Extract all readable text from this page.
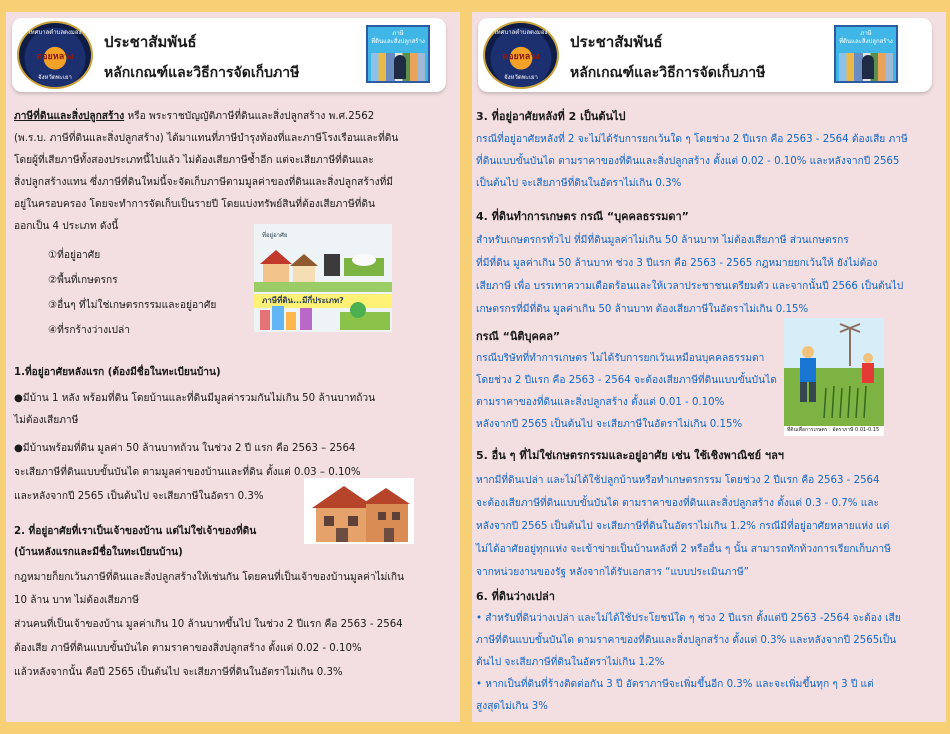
เทศบาลตำบลดงมอง
ดอยหลวง
จังหวัดพะเยา
ประชาสัมพันธ์
หลักเกณฑ์และวิธีการจัดเก็บภาษี
ภาษี
ที่ดินและสิ่งปลูกสร้าง
ภาษีที่ดินและสิ่งปลูกสร้าง หรือ พระราชบัญญัติภาษีที่ดินและสิ่งปลูกสร้าง พ.ศ.2562
(พ.ร.บ. ภาษีที่ดินและสิ่งปลูกสร้าง) ได้มาแทนที่ภาษีบำรุงท้องที่และภาษีโรงเรือนและที่ดิน
โดยผู้ที่เสียภาษีทั้งสองประเภทนี้ไปแล้ว ไม่ต้องเสียภาษีซ้ำอีก แต่จะเสียภาษีที่ดินและ
สิ่งปลูกสร้างแทน ซึ่งภาษีที่ดินใหม่นี้จะจัดเก็บภาษีตามมูลค่าของที่ดินและสิ่งปลูกสร้างที่มี
อยู่ในครอบครอง โดยจะทำการจัดเก็บเป็นรายปี โดยแบ่งทรัพย์สินที่ต้องเสียภาษีที่ดิน
ออกเป็น 4 ประเภท ดังนี้
①ที่อยู่อาศัย
②พื้นที่เกษตรกร
③อื่นๆ ที่ไม่ใช่เกษตรกรรมและอยู่อาศัย
④ที่รกร้างว่างเปล่า
ที่อยู่อาศัย
ภาษีที่ดิน...มีกี่ประเภท?
1.ที่อยู่อาศัยหลังแรก (ต้องมีชื่อในทะเบียนบ้าน)
●มีบ้าน 1 หลัง พร้อมที่ดิน โดยบ้านและที่ดินมีมูลค่ารวมกันไม่เกิน 50 ล้านบาทถ้วน
ไม่ต้องเสียภาษี
●มีบ้านพร้อมที่ดิน มูลค่า 50 ล้านบาทถ้วน ในช่วง 2 ปี แรก คือ 2563 – 2564
จะเสียภาษีที่ดินแบบขั้นบันได ตามมูลค่าของบ้านและที่ดิน ตั้งแต่ 0.03 – 0.10%
และหลังจากปี 2565 เป็นต้นไป จะเสียภาษีในอัตรา 0.3%
2. ที่อยู่อาศัยที่เราเป็นเจ้าของบ้าน แต่ไม่ใช่เจ้าของที่ดิน
(บ้านหลังแรกและมีชื่อในทะเบียนบ้าน)
กฎหมายก็ยกเว้นภาษีที่ดินและสิ่งปลูกสร้างให้เช่นกัน โดยคนที่เป็นเจ้าของบ้านมูลค่าไม่เกิน
10 ล้าน บาท ไม่ต้องเสียภาษี
ส่วนคนที่เป็นเจ้าของบ้าน มูลค่าเกิน 10 ล้านบาทขึ้นไป ในช่วง 2 ปีแรก คือ 2563 - 2564
ต้องเสีย ภาษีที่ดินแบบขั้นบันได ตามราคาของสิ่งปลูกสร้าง ตั้งแต่ 0.02 - 0.10%
แล้วหลังจากนั้น คือปี 2565 เป็นต้นไป จะเสียภาษีที่ดินในอัตราไม่เกิน 0.3%
เทศบาลตำบลดงมอง
ดอยหลวง
จังหวัดพะเยา
ประชาสัมพันธ์
หลักเกณฑ์และวิธีการจัดเก็บภาษี
ภาษี
ที่ดินและสิ่งปลูกสร้าง
3. ที่อยู่อาศัยหลังที่ 2 เป็นต้นไป
กรณีที่อยู่อาศัยหลังที่ 2 จะไม่ได้รับการยกเว้นใด ๆ โดยช่วง 2 ปีแรก คือ 2563 - 2564 ต้องเสีย ภาษี
ที่ดินแบบขั้นบันได ตามราคาของที่ดินและสิ่งปลูกสร้าง ตั้งแต่ 0.02 - 0.10% และหลังจากปี 2565
เป็นต้นไป จะเสียภาษีที่ดินในอัตราไม่เกิน 0.3%
4. ที่ดินทำการเกษตร กรณี “บุคคลธรรมดา”
สำหรับเกษตรกรทั่วไป ที่มีที่ดินมูลค่าไม่เกิน 50 ล้านบาท ไม่ต้องเสียภาษี ส่วนเกษตรกร
ที่มีที่ดิน มูลค่าเกิน 50 ล้านบาท ช่วง 3 ปีแรก คือ 2563 - 2565 กฎหมายยกเว้นให้ ยังไม่ต้อง
เสียภาษี เพื่อ บรรเทาความเดือดร้อนและให้เวลาประชาชนเตรียมตัว และจากนั้นปี 2566 เป็นต้นไป
เกษตรกรที่มีที่ดิน มูลค่าเกิน 50 ล้านบาท ต้องเสียภาษีในอัตราไม่เกิน 0.15%
กรณี “นิติบุคคล”
กรณีบริษัทที่ทำการเกษตร ไม่ได้รับการยกเว้นเหมือนบุคคลธรรมดา
โดยช่วง 2 ปีแรก คือ 2563 - 2564 จะต้องเสียภาษีที่ดินแบบขั้นบันได
ตามราคาของที่ดินและสิ่งปลูกสร้าง ตั้งแต่ 0.01 - 0.10%
หลังจากปี 2565 เป็นต้นไป จะเสียภาษีในอัตราไม่เกิน 0.15%	ที่ดินเพื่อการเกษตร : อัตราภาษี 0.01-0.15
5. อื่น ๆ ที่ไม่ใช่เกษตรกรรมและอยู่อาศัย เช่น ใช้เชิงพาณิชย์ ฯลฯ
หากมีที่ดินเปล่า และไม่ได้ใช้ปลูกบ้านหรือทำเกษตรกรรม โดยช่วง 2 ปีแรก คือ 2563 - 2564
จะต้องเสียภาษีที่ดินแบบขั้นบันได ตามราคาของที่ดินและสิ่งปลูกสร้าง ตั้งแต่ 0.3 - 0.7% และ
หลังจากปี 2565 เป็นต้นไป จะเสียภาษีที่ดินในอัตราไม่เกิน 1.2% กรณีมีที่อยู่อาศัยหลายแห่ง แต่
ไม่ได้อาศัยอยู่ทุกแห่ง จะเข้าข่ายเป็นบ้านหลังที่ 2 หรืออื่น ๆ นั้น สามารถทักท้วงการเรียกเก็บภาษี
จากหน่วยงานของรัฐ หลังจากได้รับเอกสาร “แบบประเมินภาษี”
6. ที่ดินว่างเปล่า
• สำหรับที่ดินว่างเปล่า และไม่ได้ใช้ประโยชน์ใด ๆ ช่วง 2 ปีแรก ตั้งแต่ปี 2563 -2564 จะต้อง เสีย
ภาษีที่ดินแบบขั้นบันได ตามราคาของที่ดินและสิ่งปลูกสร้าง ตั้งแต่ 0.3% และหลังจากปี 2565เป็น
ต้นไป จะเสียภาษีที่ดินในอัตราไม่เกิน 1.2%
• หากเป็นที่ดินที่ร้างติดต่อกัน 3 ปี อัตราภาษีจะเพิ่มขึ้นอีก 0.3% และจะเพิ่มขึ้นทุก ๆ 3 ปี แต่
สูงสุดไม่เกิน 3%
